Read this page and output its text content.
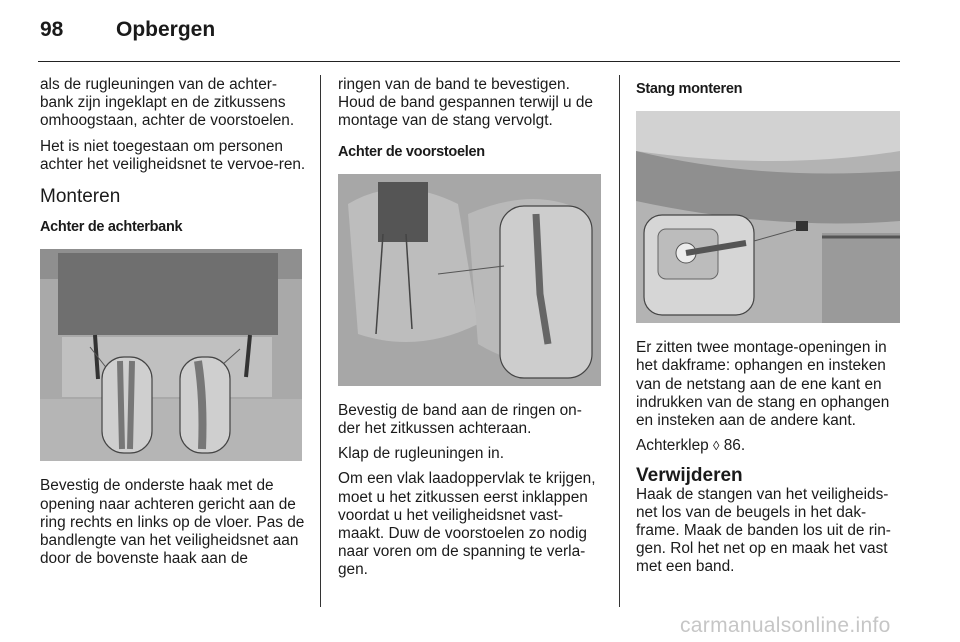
98	Opbergen

als de rugleuningen van de achter-bank zijn ingeklapt en de zitkussens omhoogstaan, achter de voorstoelen.

Het is niet toegestaan om personen achter het veiligheidsnet te vervoe-ren.

Monteren
Achter de achterbank

Bevestig de onderste haak met de opening naar achteren gericht aan de ring rechts en links op de vloer. Pas de bandlengte van het veiligheidsnet aan door de bovenste haak aan de

ringen van de band te bevestigen. Houd de band gespannen terwijl u de montage van de stang vervolgt.

Achter de voorstoelen

Bevestig de band aan de ringen on-der het zitkussen achteraan.

Klap de rugleuningen in.

Om een vlak laadoppervlak te krijgen, moet u het zitkussen eerst inklappen voordat u het veiligheidsnet vast-maakt. Duw de voorstoelen zo nodig naar voren om de spanning te verla-gen.

Stang monteren

Er zitten twee montage-openingen in het dakframe: ophangen en insteken van de netstang aan de ene kant en indrukken van de stang en ophangen en insteken aan de andere kant.

Achterklep ◊ 86.

Verwijderen

Haak de stangen van het veiligheids-net los van de beugels in het dak-frame. Maak de banden los uit de rin-gen. Rol het net op en maak het vast met een band.

carmanualsonline.info
